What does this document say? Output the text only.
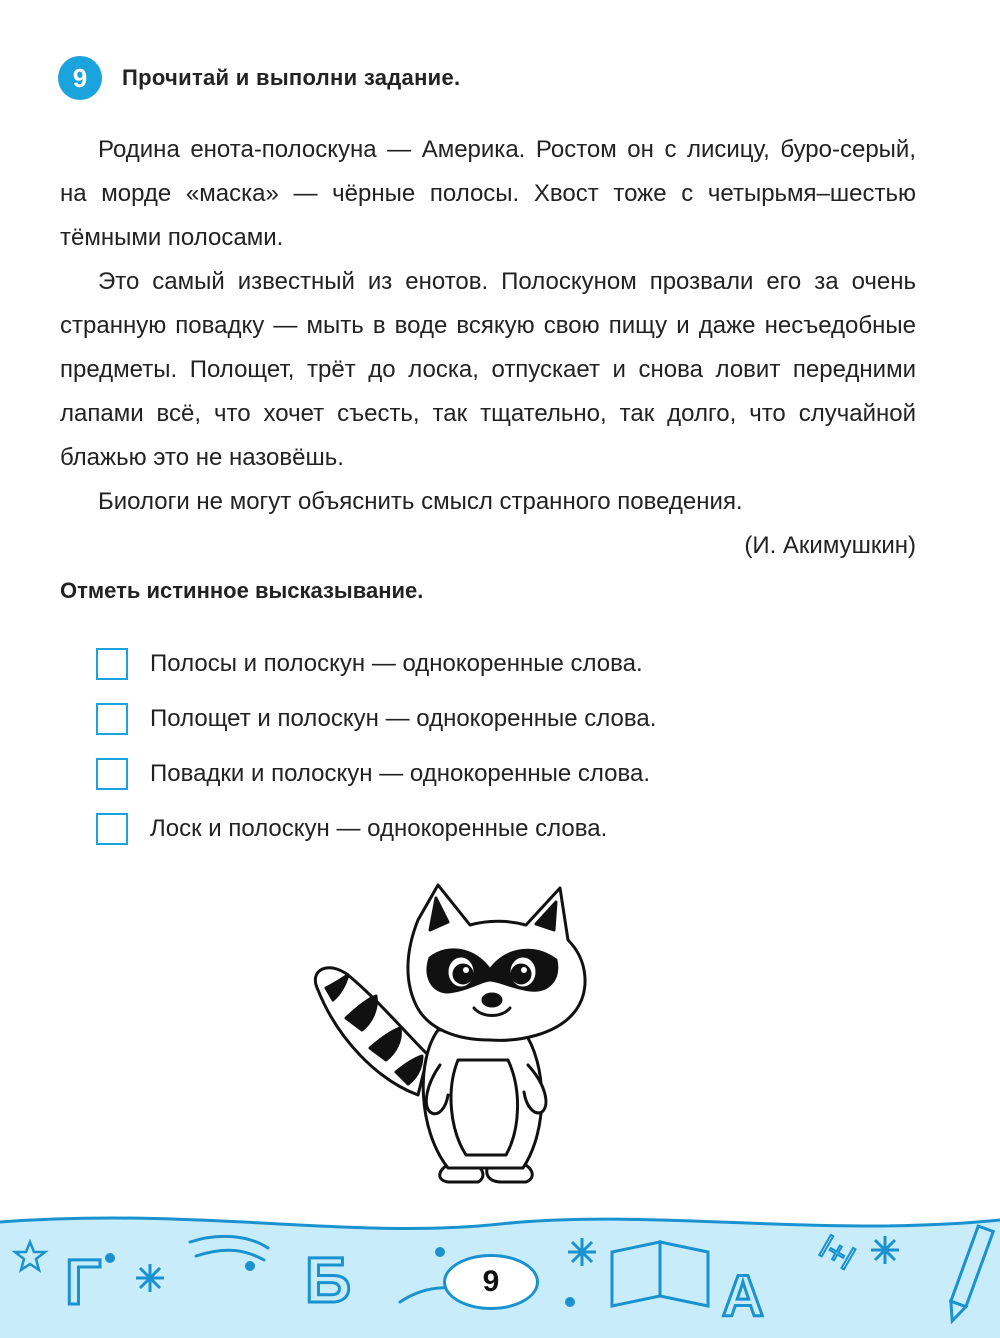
9	Прочитай и выполни задание.

Родина енота-полоскуна — Америка. Ростом он с лисицу, буро-серый, на морде «маска» — чёрные полосы. Хвост тоже с четырьмя–шестью тёмными полосами.

Это самый известный из енотов. Полоскуном прозвали его за очень странную повадку — мыть в воде всякую свою пищу и даже несъедобные предметы. Полощет, трёт до лоска, отпускает и снова ловит передними лапами всё, что хочет съесть, так тщательно, так долго, что случайной блажью это не назовёшь.

Биологи не могут объяснить смысл странного поведения.

(И. Акимушкин)
Отметь истинное высказывание.
Полосы и полоскун — однокоренные слова.
Полощет и полоскун — однокоренные слова.
Повадки и полоскун — однокоренные слова.
Лоск и полоскун — однокоренные слова.
Г	Б	А
l+l
9
